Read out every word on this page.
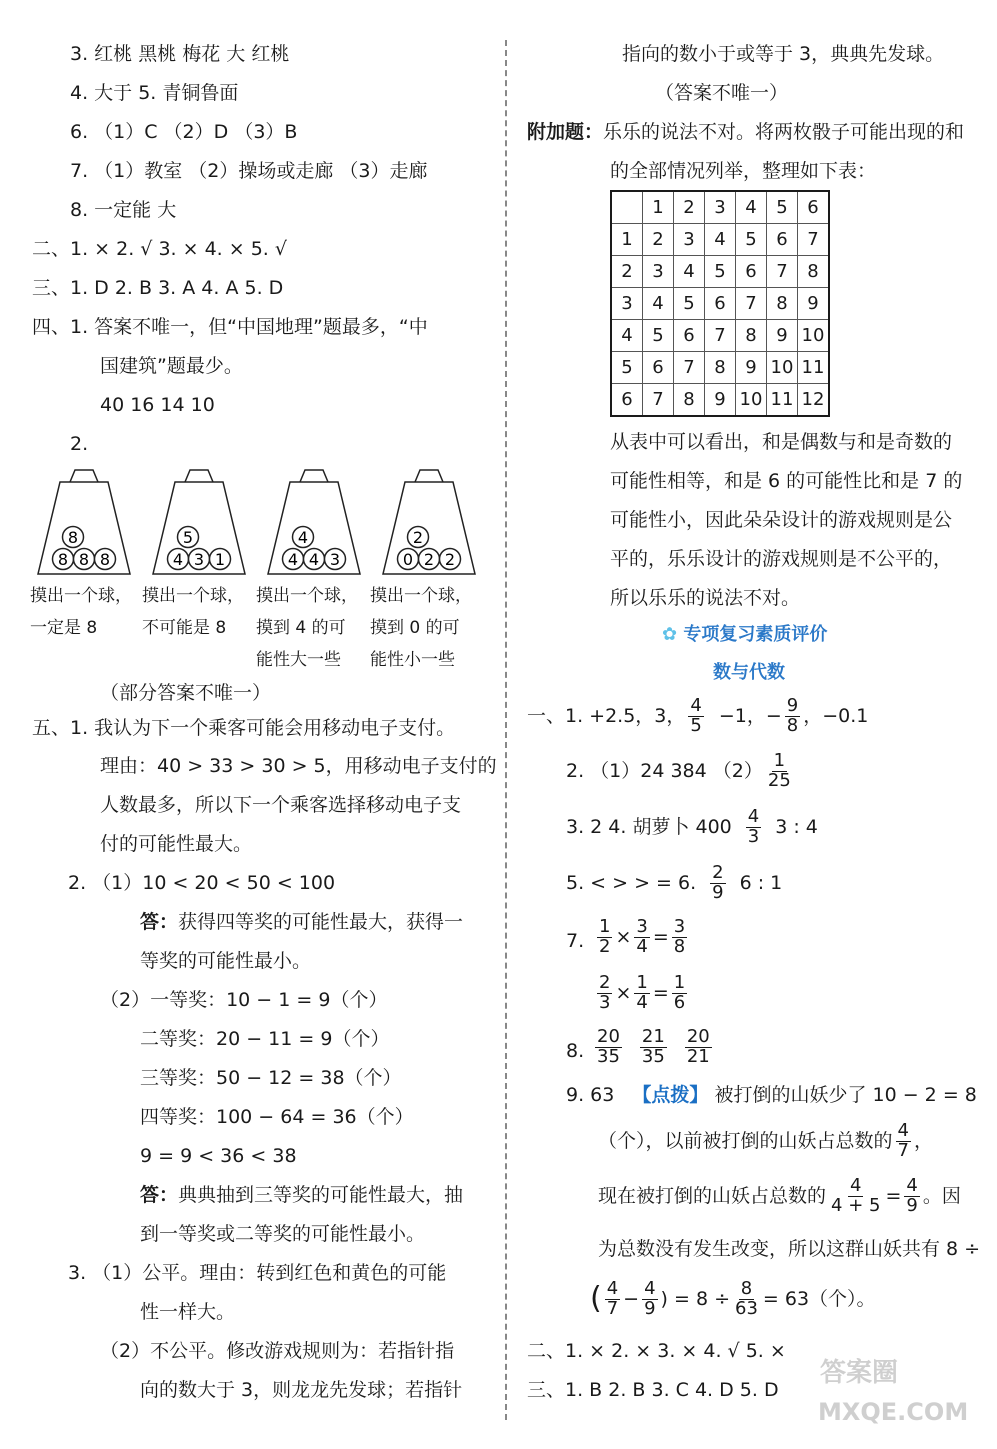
3. 红桃 黑桃 梅花 大 红桃
4. 大于 5. 青铜鲁面
6. （1）C （2）D （3）B
7. （1）教室 （2）操场或走廊 （3）走廊
8. 一定能 大
二、1. × 2. √ 3. × 4. × 5. √
三、1. D 2. B 3. A 4. A 5. D
四、1. 答案不唯一，但“中国地理”题最多，“中
国建筑”题最少。
40 16 14 10
2.
8 8 8
8
4 3 1
5
4 4 3
4
0 2 2
2
摸出一个球，
一定是 8
摸出一个球，
不可能是 8
摸出一个球，
摸到 4 的可
能性大一些
摸出一个球，
摸到 0 的可
能性小一些
（部分答案不唯一）
五、1. 我认为下一个乘客可能会用移动电子支付。
理由：40 > 33 > 30 > 5，用移动电子支付的
人数最多，所以下一个乘客选择移动电子支
付的可能性最大。
2. （1）10 < 20 < 50 < 100
答：获得四等奖的可能性最大，获得一
等奖的可能性最小。
（2）一等奖：10 − 1 = 9（个）
二等奖：20 − 11 = 9（个）
三等奖：50 − 12 = 38（个）
四等奖：100 − 64 = 36（个）
9 = 9 < 36 < 38
答：典典抽到三等奖的可能性最大，抽
到一等奖或二等奖的可能性最小。
3. （1）公平。理由：转到红色和黄色的可能
性一样大。
（2）不公平。修改游戏规则为：若指针指
向的数大于 3，则龙龙先发球；若指针
指向的数小于或等于 3，典典先发球。
（答案不唯一）
附加题：乐乐的说法不对。将两枚骰子可能出现的和
的全部情况列举，整理如下表：
	1	2	3	4	5	6
1	2	3	4	5	6	7
2	3	4	5	6	7	8
3	4	5	6	7	8	9
4	5	6	7	8	9	10
5	6	7	8	9	10	11
6	7	8	9	10	11	12
从表中可以看出，和是偶数与和是奇数的
可能性相等，和是 6 的可能性比和是 7 的
可能性小，因此朵朵设计的游戏规则是公
平的，乐乐设计的游戏规则是不公平的，
所以乐乐的说法不对。
✿ 专项复习素质评价
数与代数
一、1. +2.5，3， $\frac{4}{5} -1$，− $\frac{9}{8}$ ，−0.1
2. （1）24 384 $(2) \frac{1}{25}$
3. 2 4. 胡萝卜 $400 \frac{4}{3} 3$ : 4
5. < > > = 6. $\frac{2}{9} 6$ : 1
7. $\frac{1}{2} \times \frac{3}{4} = \frac{3}{8}$
$\frac{2}{3} \times \frac{1}{4} = \frac{1}{6}$
8. $\frac{20}{35} \frac{21}{35} \frac{20}{21}$
9. 63 【点拨】 被打倒的山妖少了 10 − 2 = 8
（个），以前被打倒的山妖占总数的 $\frac{4}{7}$ ，
现在被打倒的山妖占总数的 $\frac{4}{4 + 5} = \frac{4}{9}$ 。因
为总数没有发生改变，所以这群山妖共有 8 ÷
( $\frac{4}{7} - \frac{4}{9}$ ) = $8 \div \frac{8}{63} = 63$（个）。
二、1. × 2. × 3. × 4. √ 5. ×
三、1. B 2. B 3. C 4. D 5. D
答案圈
MXQE.COM
